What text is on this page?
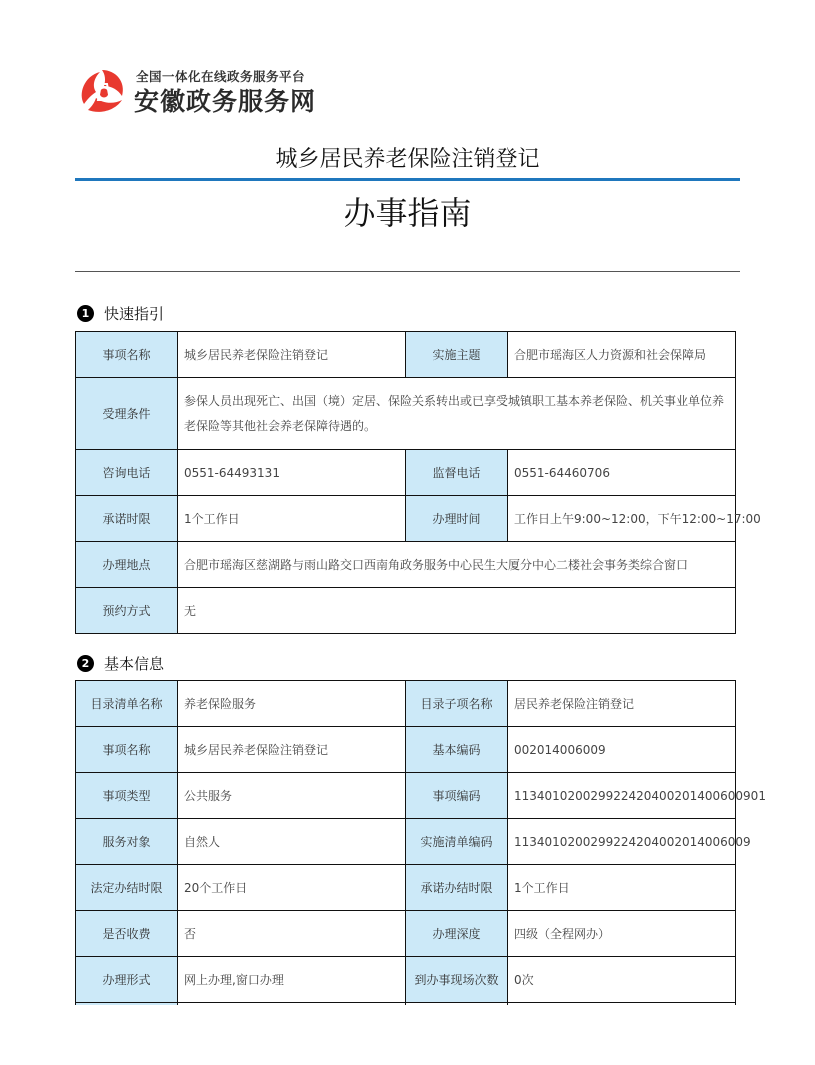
全国一体化在线政务服务平台
安徽政务服务网
城乡居民养老保险注销登记
办事指南
1 快速指引
事项名称	城乡居民养老保险注销登记	实施主题	合肥市瑶海区人力资源和社会保障局
受理条件	参保人员出现死亡、出国（境）定居、保险关系转出或已享受城镇职工基本养老保险、机关事业单位养老保险等其他社会养老保障待遇的。		
咨询电话	0551-64493131	监督电话	0551-64460706
承诺时限	1个工作日	办理时间	工作日上午9:00~12:00，下午12:00~17:00
办理地点	合肥市瑶海区慈湖路与雨山路交口西南角政务服务中心民生大厦分中心二楼社会事务类综合窗口		
预约方式	无		
2 基本信息
目录清单名称	养老保险服务	目录子项名称	居民养老保险注销登记
事项名称	城乡居民养老保险注销登记	基本编码	002014006009
事项类型	公共服务	事项编码	113401020029922420400201400600901
服务对象	自然人	实施清单编码	1134010200299224204002014006009
法定办结时限	20个工作日	承诺办结时限	1个工作日
是否收费	否	办理深度	四级（全程网办）
办理形式	网上办理,窗口办理	到办事现场次数	0次
